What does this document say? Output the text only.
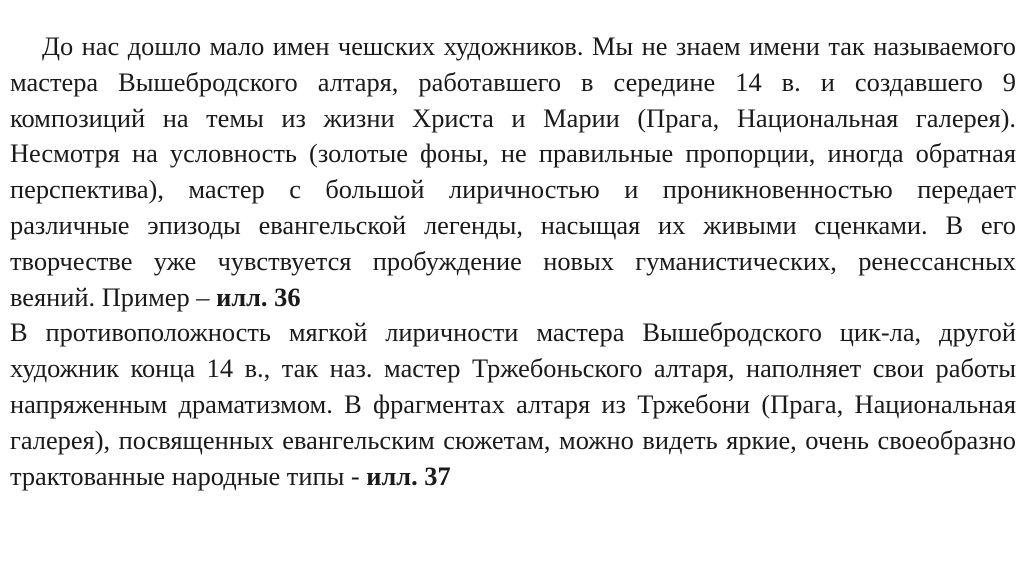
До нас дошло мало имен чешских художников. Мы не знаем имени так называемого мастера Вышебродского алтаря, работавшего в середине 14 в. и создавшего 9 композиций на темы из жизни Христа и Марии (Прага, Национальная галерея). Несмотря на условность (золотые фоны, не правильные пропорции, иногда обратная перспектива), мастер с большой лиричностью и проникновенностью передает различные эпизоды евангельской легенды, насыщая их живыми сценками. В его творчестве уже чувствуется пробуждение новых гуманистических, ренессансных веяний. Пример – илл. 36

В противоположность мягкой лиричности мастера Вышебродского цик-ла, другой художник конца 14 в., так наз. мастер Тржебоньского алтаря, наполняет свои работы напряженным драматизмом. В фрагментах алтаря из Тржебони (Прага, Национальная галерея), посвященных евангельским сюжетам, можно видеть яркие, очень своеобразно трактованные народные типы - илл. 37
